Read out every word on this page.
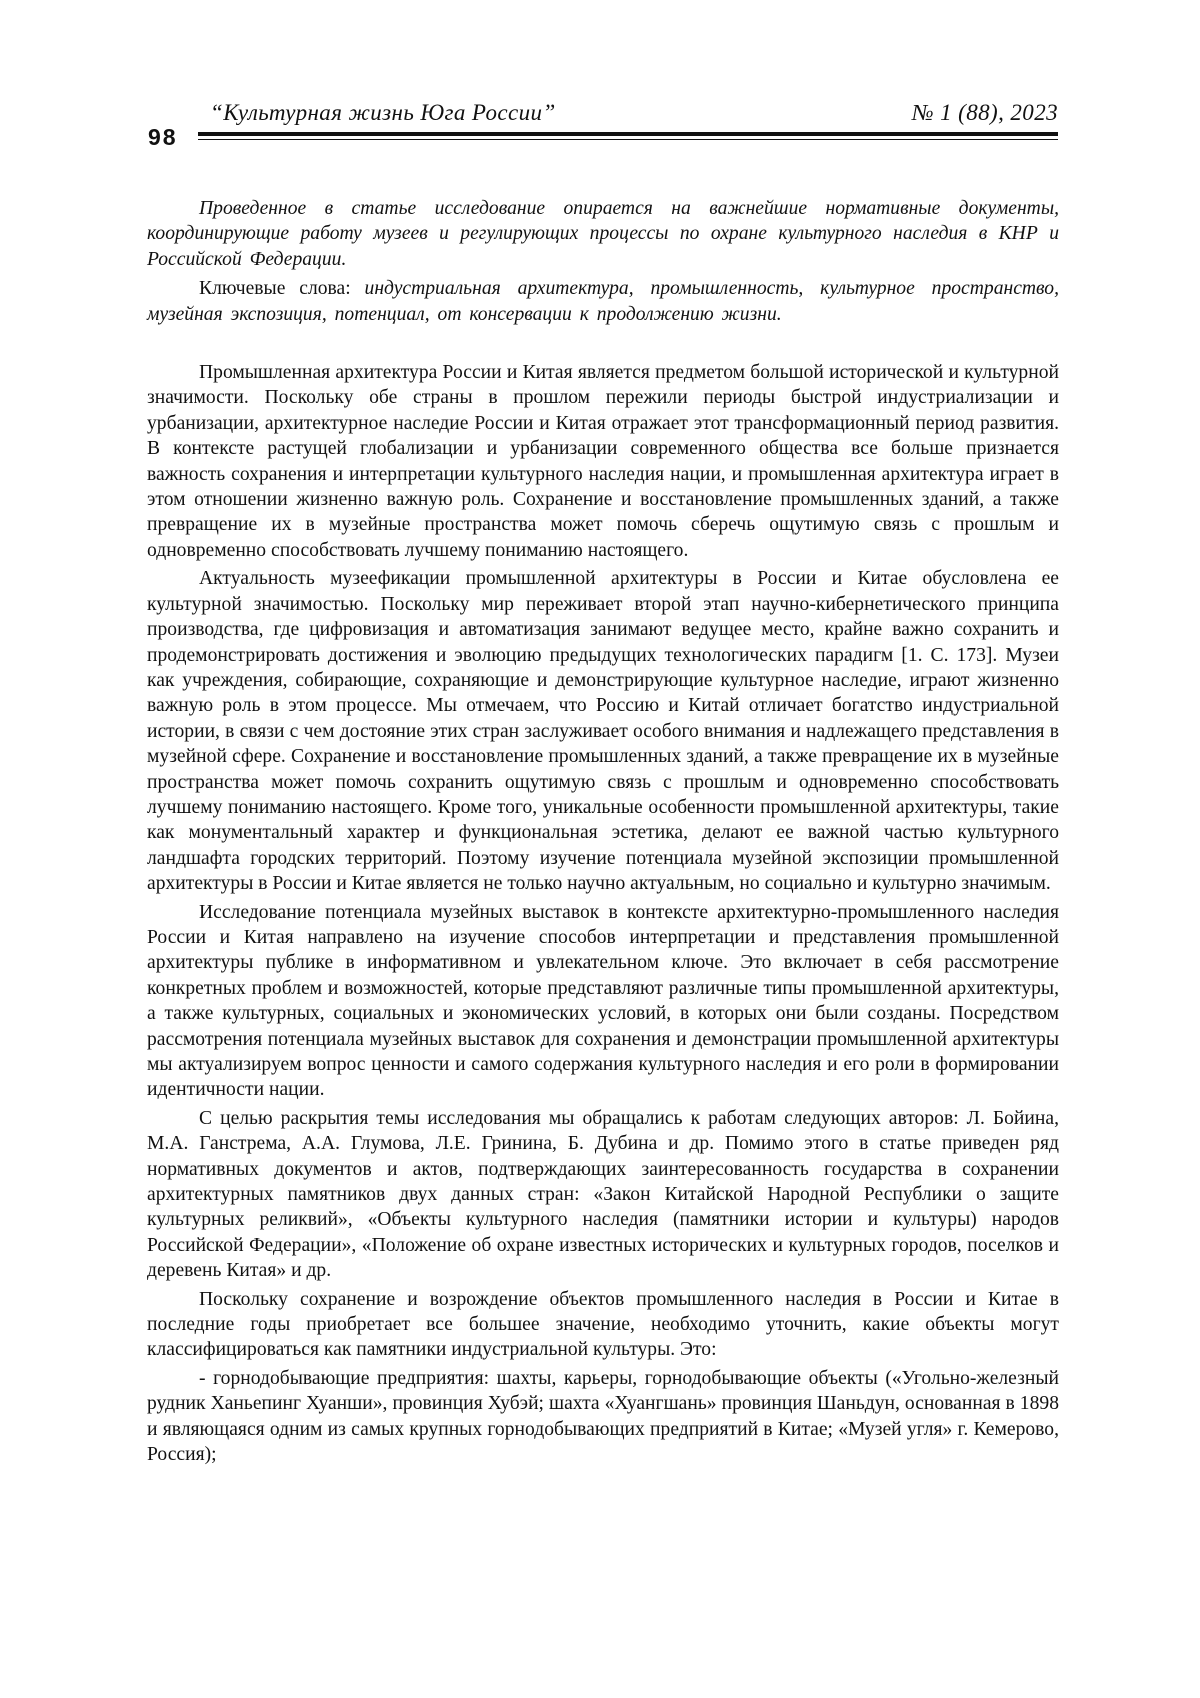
98
“Культурная жизнь Юга России”	№ 1 (88), 2023

Проведенное в статье исследование опирается на важнейшие нормативные документы, координирующие работу музеев и регулирующих процессы по охране культурного наследия в КНР и Российской Федерации.

Ключевые слова: индустриальная архитектура, промышленность, культурное пространство, музейная экспозиция, потенциал, от консервации к продолжению жизни.

Промышленная архитектура России и Китая является предметом большой исторической и культурной значимости. Поскольку обе страны в прошлом пережили периоды быстрой индустриализации и урбанизации, архитектурное наследие России и Китая отражает этот трансформационный период развития. В контексте растущей глобализации и урбанизации современного общества все больше признается важность сохранения и интерпретации культурного наследия нации, и промышленная архитектура играет в этом отношении жизненно важную роль. Сохранение и восстановление промышленных зданий, а также превращение их в музейные пространства может помочь сберечь ощутимую связь с прошлым и одновременно способствовать лучшему пониманию настоящего.

Актуальность музеефикации промышленной архитектуры в России и Китае обусловлена ее культурной значимостью. Поскольку мир переживает второй этап научно-кибернетического принципа производства, где цифровизация и автоматизация занимают ведущее место, крайне важно сохранить и продемонстрировать достижения и эволюцию предыдущих технологических парадигм [1. С. 173]. Музеи как учреждения, собирающие, сохраняющие и демонстрирующие культурное наследие, играют жизненно важную роль в этом процессе. Мы отмечаем, что Россию и Китай отличает богатство индустриальной истории, в связи с чем достояние этих стран заслуживает особого внимания и надлежащего представления в музейной сфере. Сохранение и восстановление промышленных зданий, а также превращение их в музейные пространства может помочь сохранить ощутимую связь с прошлым и одновременно способствовать лучшему пониманию настоящего. Кроме того, уникальные особенности промышленной архитектуры, такие как монументальный характер и функциональная эстетика, делают ее важной частью культурного ландшафта городских территорий. Поэтому изучение потенциала музейной экспозиции промышленной архитектуры в России и Китае является не только научно актуальным, но социально и культурно значимым.

Исследование потенциала музейных выставок в контексте архитектурно-промышленного наследия России и Китая направлено на изучение способов интерпретации и представления промышленной архитектуры публике в информативном и увлекательном ключе. Это включает в себя рассмотрение конкретных проблем и возможностей, которые представляют различные типы промышленной архитектуры, а также культурных, социальных и экономических условий, в которых они были созданы. Посредством рассмотрения потенциала музейных выставок для сохранения и демонстрации промышленной архитектуры мы актуализируем вопрос ценности и самого содержания культурного наследия и его роли в формировании идентичности нации.

С целью раскрытия темы исследования мы обращались к работам следующих авторов: Л. Бойина, М.А. Ганстрема, А.А. Глумова, Л.Е. Гринина, Б. Дубина и др. Помимо этого в статье приведен ряд нормативных документов и актов, подтверждающих заинтересованность государства в сохранении архитектурных памятников двух данных стран: «Закон Китайской Народной Республики о защите культурных реликвий», «Объекты культурного наследия (памятники истории и культуры) народов Российской Федерации», «Положение об охране известных исторических и культурных городов, поселков и деревень Китая» и др.

Поскольку сохранение и возрождение объектов промышленного наследия в России и Китае в последние годы приобретает все большее значение, необходимо уточнить, какие объекты могут классифицироваться как памятники индустриальной культуры. Это:

- горнодобывающие предприятия: шахты, карьеры, горнодобывающие объекты («Угольно-железный рудник Ханьепинг Хуанши», провинция Хубэй; шахта «Хуангшань» провинция Шаньдун, основанная в 1898 и являющаяся одним из самых крупных горнодобывающих предприятий в Китае; «Музей угля» г. Кемерово, Россия);
